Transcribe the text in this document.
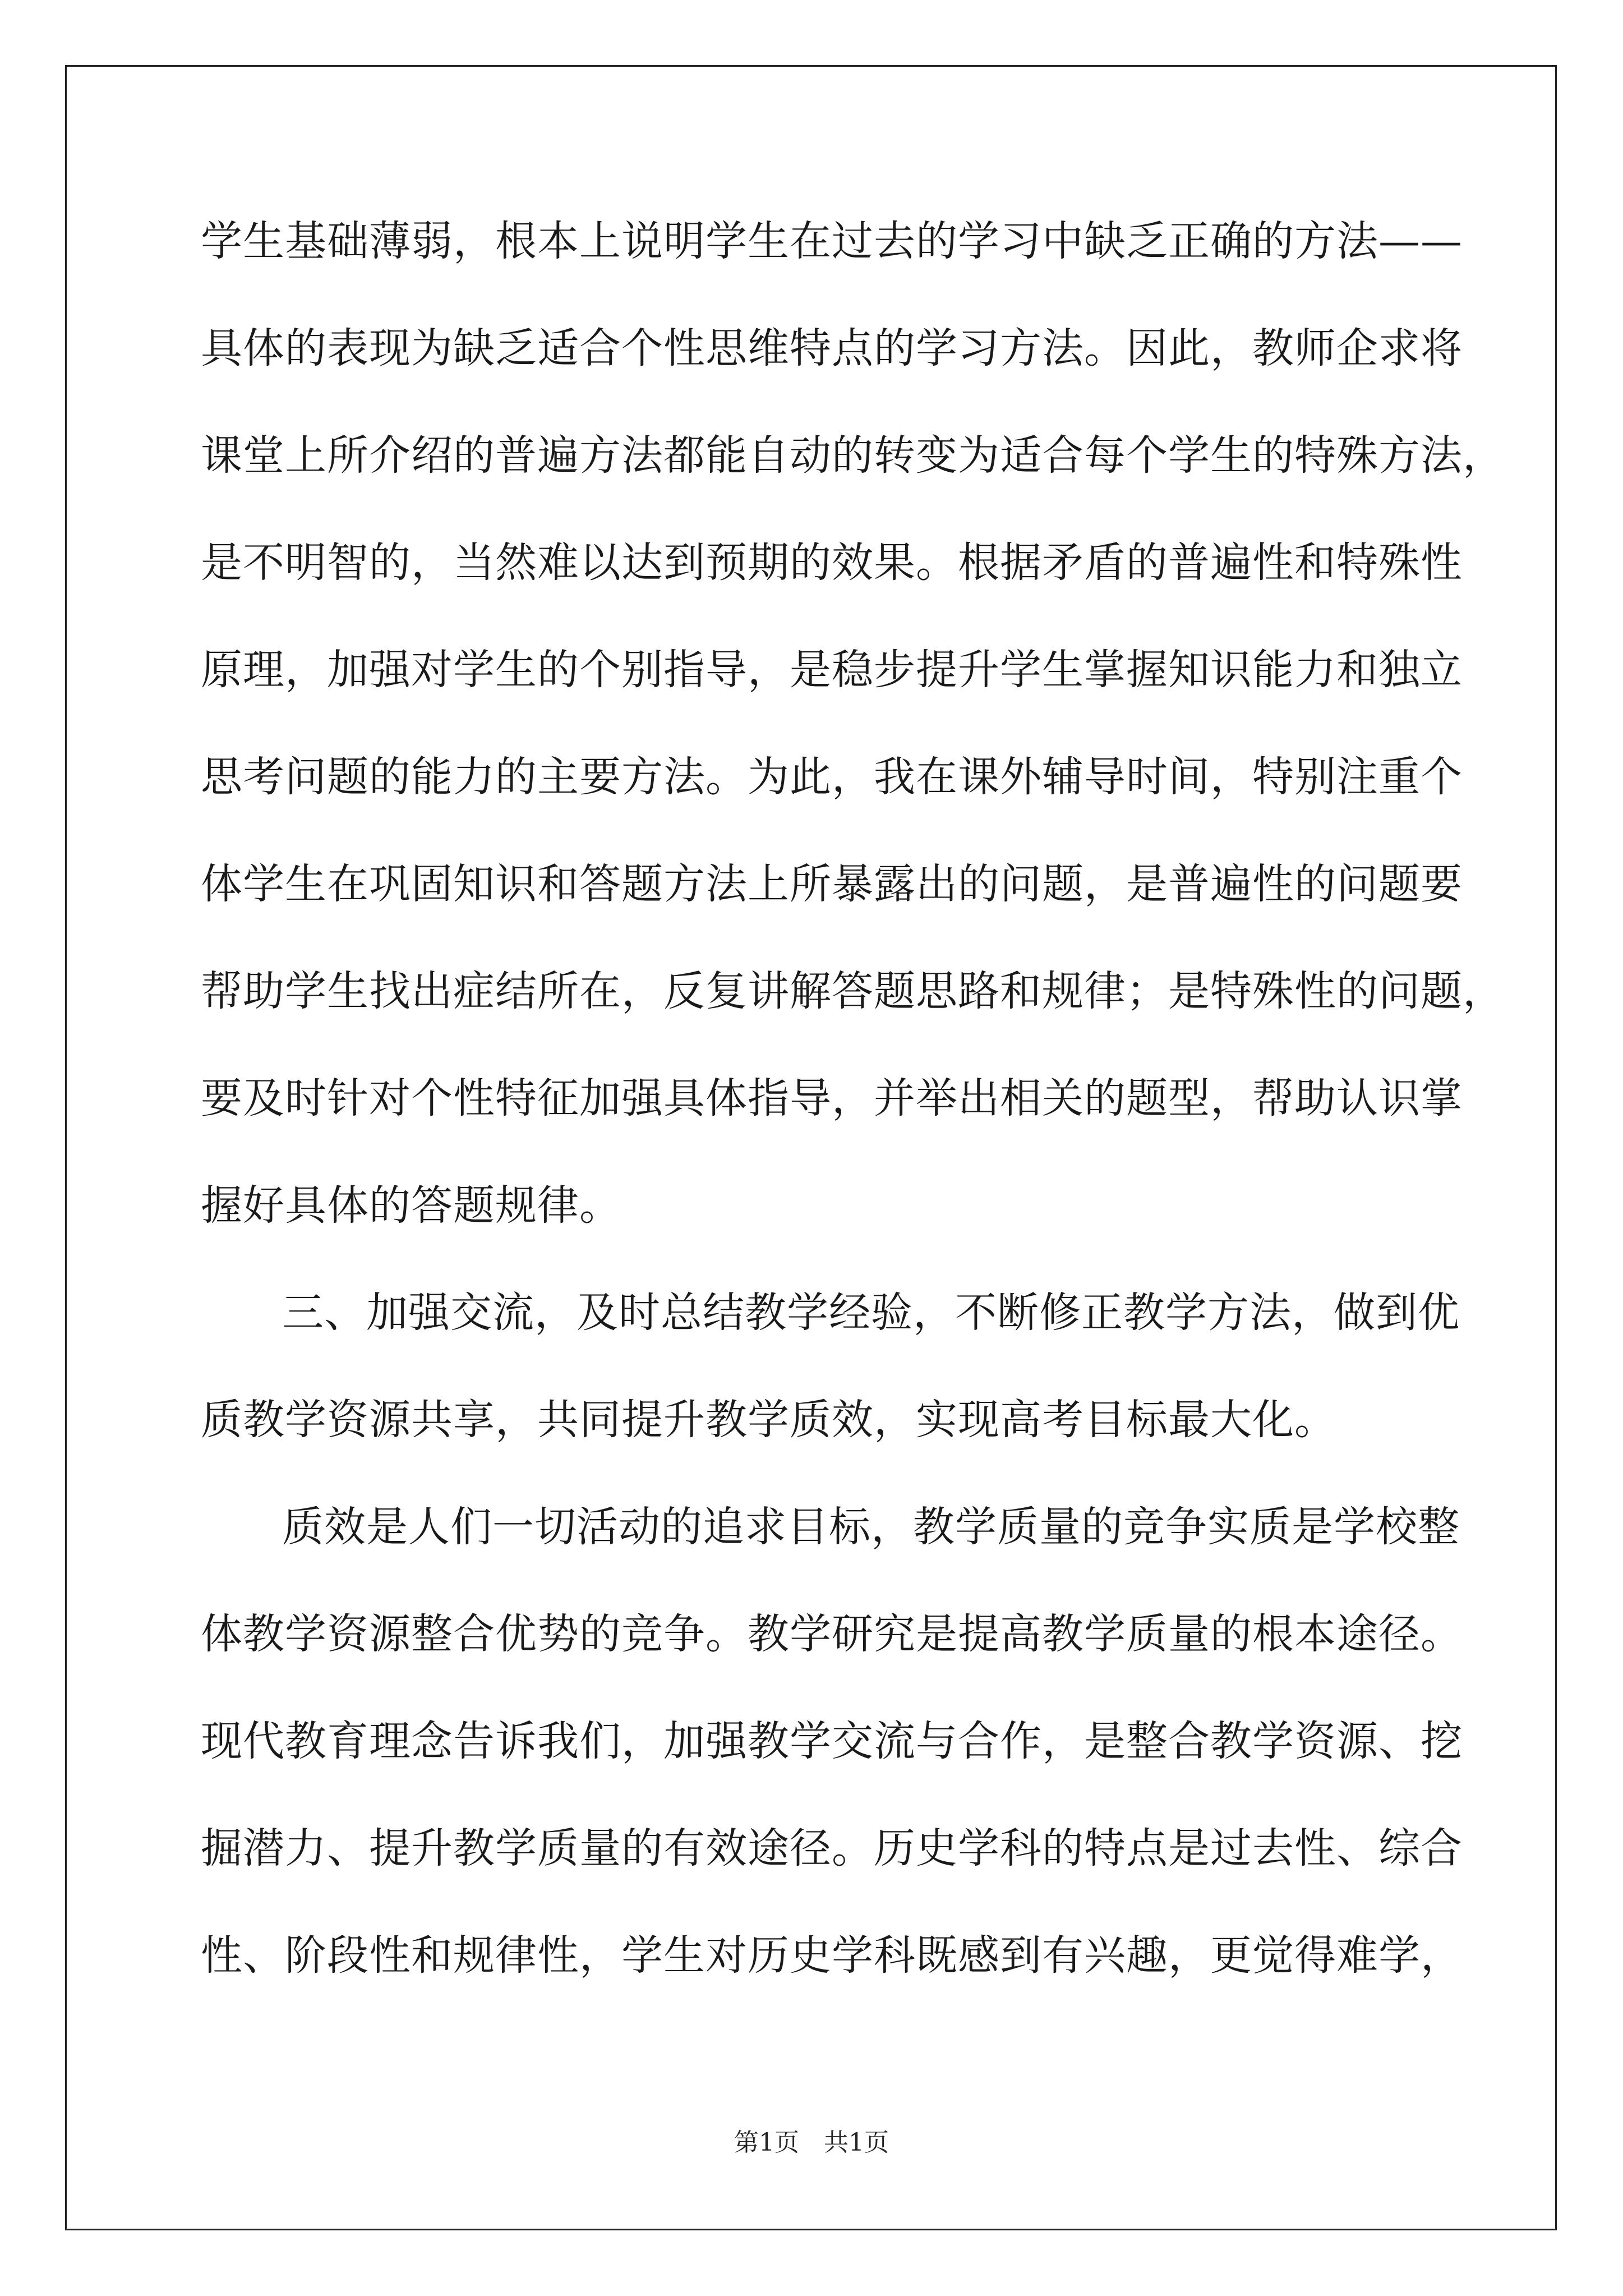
学生基础薄弱，根本上说明学生在过去的学习中缺乏正确的方法——
具体的表现为缺乏适合个性思维特点的学习方法。因此，教师企求将
课堂上所介绍的普遍方法都能自动的转变为适合每个学生的特殊方法，
是不明智的，当然难以达到预期的效果。根据矛盾的普遍性和特殊性
原理，加强对学生的个别指导，是稳步提升学生掌握知识能力和独立
思考问题的能力的主要方法。为此，我在课外辅导时间，特别注重个
体学生在巩固知识和答题方法上所暴露出的问题，是普遍性的问题要
帮助学生找出症结所在，反复讲解答题思路和规律；是特殊性的问题，
要及时针对个性特征加强具体指导，并举出相关的题型，帮助认识掌
握好具体的答题规律。
三、加强交流，及时总结教学经验，不断修正教学方法，做到优
质教学资源共享，共同提升教学质效，实现高考目标最大化。
质效是人们一切活动的追求目标，教学质量的竞争实质是学校整
体教学资源整合优势的竞争。教学研究是提高教学质量的根本途径。
现代教育理念告诉我们，加强教学交流与合作，是整合教学资源、挖
掘潜力、提升教学质量的有效途径。历史学科的特点是过去性、综合
性、阶段性和规律性，学生对历史学科既感到有兴趣，更觉得难学，
第1页　共1页
